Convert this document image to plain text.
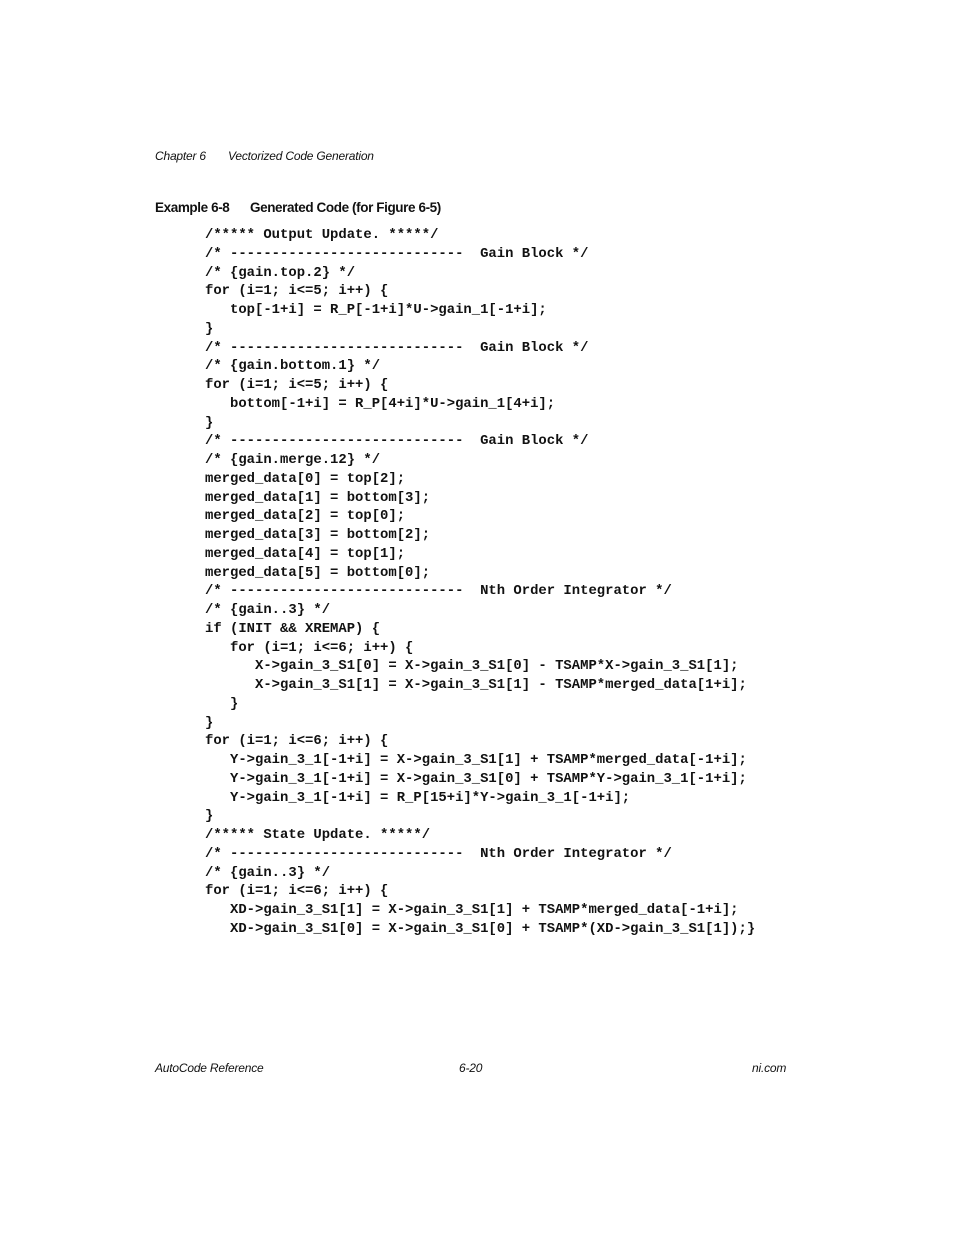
Chapter 6 Vectorized Code Generation
Example 6-8 Generated Code (for Figure 6-5)
/***** Output Update. *****/
/* ----------------------------  Gain Block */
/* {gain.top.2} */
for (i=1; i<=5; i++) {
top[-1+i] = R_P[-1+i]*U->gain_1[-1+i];
}
/* ----------------------------  Gain Block */
/* {gain.bottom.1} */
for (i=1; i<=5; i++) {
bottom[-1+i] = R_P[4+i]*U->gain_1[4+i];
}
/* ----------------------------  Gain Block */
/* {gain.merge.12} */
merged_data[0] = top[2];
merged_data[1] = bottom[3];
merged_data[2] = top[0];
merged_data[3] = bottom[2];
merged_data[4] = top[1];
merged_data[5] = bottom[0];
/* ----------------------------  Nth Order Integrator */
/* {gain..3} */
if (INIT && XREMAP) {
for (i=1; i<=6; i++) {
X->gain_3_S1[0] = X->gain_3_S1[0] - TSAMP*X->gain_3_S1[1];
X->gain_3_S1[1] = X->gain_3_S1[1] - TSAMP*merged_data[1+i];
}
}
for (i=1; i<=6; i++) {
Y->gain_3_1[-1+i] = X->gain_3_S1[1] + TSAMP*merged_data[-1+i];
Y->gain_3_1[-1+i] = X->gain_3_S1[0] + TSAMP*Y->gain_3_1[-1+i];
Y->gain_3_1[-1+i] = R_P[15+i]*Y->gain_3_1[-1+i];
}
/***** State Update. *****/
/* ----------------------------  Nth Order Integrator */
/* {gain..3} */
for (i=1; i<=6; i++) {
XD->gain_3_S1[1] = X->gain_3_S1[1] + TSAMP*merged_data[-1+i];
XD->gain_3_S1[0] = X->gain_3_S1[0] + TSAMP*(XD->gain_3_S1[1]);}
AutoCode Reference	6-20	ni.com
